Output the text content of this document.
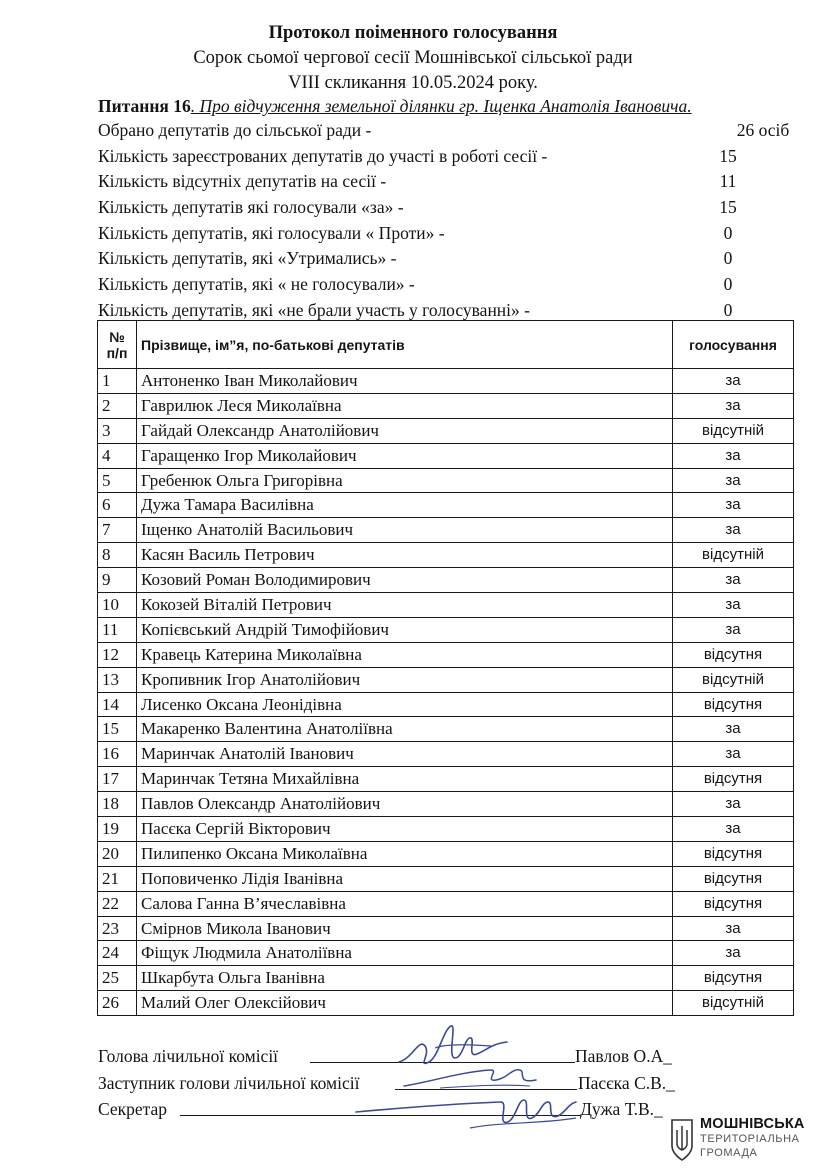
Протокол поіменного голосування
Сорок сьомої чергової сесії Мошнівської сільської ради
VIII скликання 10.05.2024 року.
Питання 16. Про відчуження земельної ділянки гр. Іщенка Анатолія Івановича.
Обрано депутатів до сільської ради -	26 осіб
Кількість зареєстрованих депутатів до участі в роботі сесії -	15
Кількість відсутніх депутатів на сесії -	11
Кількість депутатів які голосували «за» -	15
Кількість депутатів, які голосували « Проти» -	0
Кількість депутатів, які «Утримались» -	0
Кількість депутатів, які « не голосували» -	0
Кількість депутатів, які «не брали участь у голосуванні» -	0
№ п/п	Прізвище, ім”я, по-батькові депутатів	голосування
1	Антоненко Іван Миколайович	за
2	Гаврилюк Леся Миколаївна	за
3	Гайдай Олександр Анатолійович	відсутній
4	Гаращенко Ігор Миколайович	за
5	Гребенюк Ольга Григорівна	за
6	Дужа Тамара Василівна	за
7	Іщенко Анатолій Васильович	за
8	Касян Василь Петрович	відсутній
9	Козовий Роман Володимирович	за
10	Кокозей Віталій Петрович	за
11	Копієвський Андрій Тимофійович	за
12	Кравець Катерина Миколаївна	відсутня
13	Кропивник Ігор Анатолійович	відсутній
14	Лисенко Оксана Леонідівна	відсутня
15	Макаренко Валентина Анатоліївна	за
16	Маринчак Анатолій Іванович	за
17	Маринчак Тетяна Михайлівна	відсутня
18	Павлов Олександр Анатолійович	за
19	Пасєка Сергій Вікторович	за
20	Пилипенко Оксана Миколаївна	відсутня
21	Поповиченко Лідія Іванівна	відсутня
22	Салова Ганна В’ячеславівна	відсутня
23	Смірнов Микола Іванович	за
24	Фіщук Людмила Анатоліївна	за
25	Шкарбута Ольга Іванівна	відсутня
26	Малий Олег Олексійович	відсутній
Голова лічильної комісії	Павлов О.А_
Заступник голови лічильної комісії	Пасєка С.В._
Секретар	Дужа Т.В._
МОШНІВСЬКА
ТЕРИТОРІАЛЬНА
ГРОМАДА
